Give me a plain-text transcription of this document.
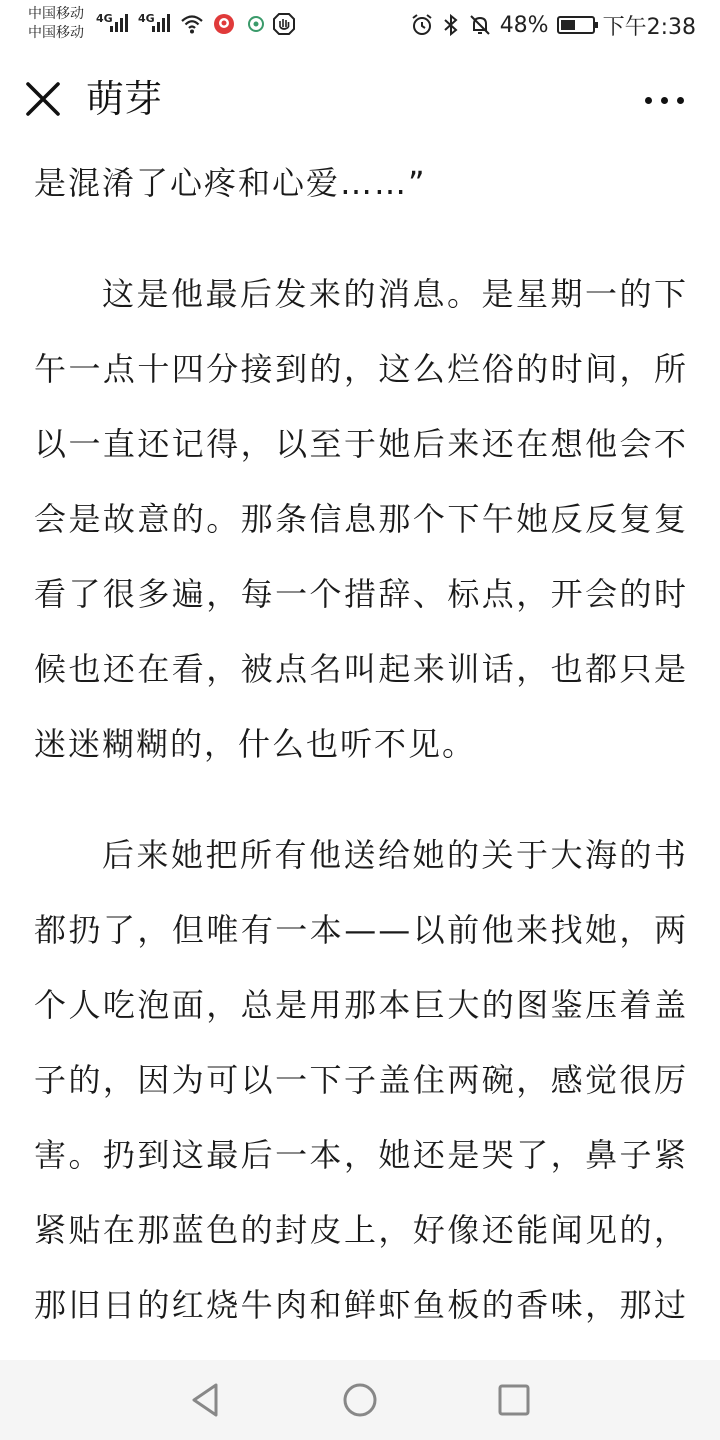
中国移动
中国移动
4G 4G	48% 下午2:38
萌芽

是混淆了心疼和心爱……”

这是他最后发来的消息。是星期一的下午一点十四分接到的，这么烂俗的时间，所以一直还记得，以至于她后来还在想他会不会是故意的。那条信息那个下午她反反复复看了很多遍，每一个措辞、标点，开会的时候也还在看，被点名叫起来训话，也都只是迷迷糊糊的，什么也听不见。

后来她把所有他送给她的关于大海的书都扔了，但唯有一本——以前他来找她，两个人吃泡面，总是用那本巨大的图鉴压着盖子的，因为可以一下子盖住两碗，感觉很厉害。扔到这最后一本，她还是哭了，鼻子紧紧贴在那蓝色的封皮上，好像还能闻见的，那旧日的红烧牛肉和鲜虾鱼板的香味，那过
